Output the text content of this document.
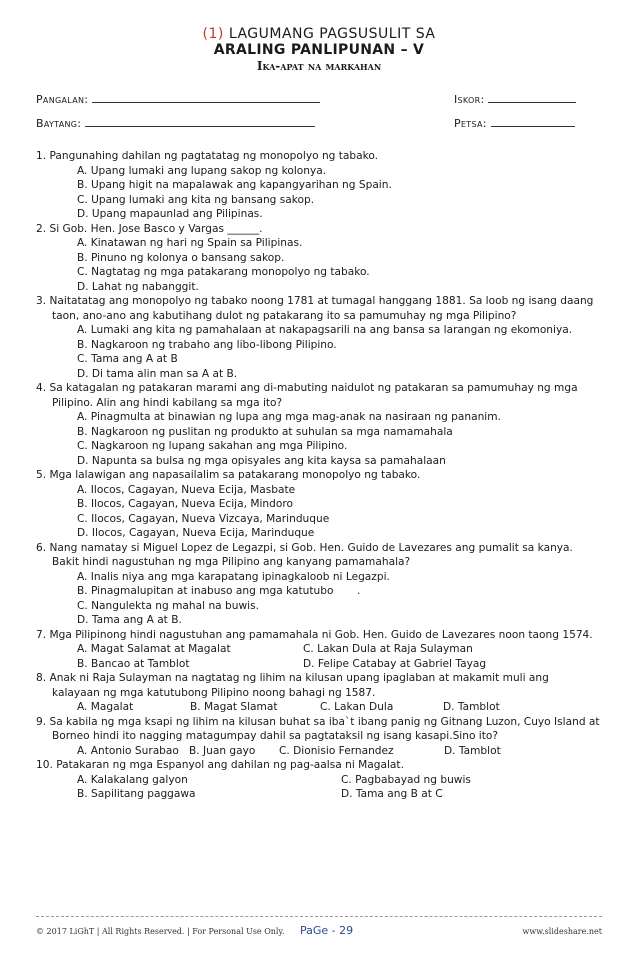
(1) LAGUMANG PAGSUSULIT SA
ARALING PANLIPUNAN – V
Ika-apat na markahan
Pangalan:	Iskor:
Baytang:	Petsa:
1. Pangunahing dahilan ng pagtatatag ng monopolyo ng tabako.
A. Upang lumaki ang lupang sakop ng kolonya.
B. Upang higit na mapalawak ang kapangyarihan ng Spain.
C. Upang lumaki ang kita ng bansang sakop.
D. Upang mapaunlad ang Pilipinas.
2. Si Gob. Hen. Jose Basco y Vargas ______.
A. Kinatawan ng hari ng Spain sa Pilipinas.
B. Pinuno ng kolonya o bansang sakop.
C. Nagtatag ng mga patakarang monopolyo ng tabako.
D. Lahat ng nabanggit.
3. Naitatatag ang monopolyo ng tabako noong 1781 at tumagal hanggang 1881. Sa loob ng isang daang taon, ano-ano ang kabutihang dulot ng patakarang ito sa pamumuhay ng mga Pilipino?
A. Lumaki ang kita ng pamahalaan at nakapagsarili na ang bansa sa larangan ng ekomoniya.
B. Nagkaroon ng trabaho ang libo-libong Pilipino.
C. Tama ang A at B
D. Di tama alin man sa A at B.
4. Sa katagalan ng patakaran marami ang di-mabuting naidulot ng patakaran sa pamumuhay ng mga Pilipino. Alin ang hindi kabilang sa mga ito?
A. Pinagmulta at binawian ng lupa ang mga mag-anak na nasiraan ng pananim.
B. Nagkaroon ng puslitan ng produkto at suhulan sa mga namamahala
C. Nagkaroon ng lupang sakahan ang mga Pilipino.
D. Napunta sa bulsa ng mga opisyales ang kita kaysa sa pamahalaan
5. Mga lalawigan ang napasailalim sa patakarang monopolyo ng tabako.
A. Ilocos, Cagayan, Nueva Ecija, Masbate
B. Ilocos, Cagayan, Nueva Ecija, Mindoro
C. Ilocos, Cagayan, Nueva Vizcaya, Marinduque
D. Ilocos, Cagayan, Nueva Ecija, Marinduque
6. Nang namatay si Miguel Lopez de Legazpi, si Gob. Hen. Guido de Lavezares ang pumalit sa kanya. Bakit hindi nagustuhan ng mga Pilipino ang kanyang pamamahala?
A. Inalis niya ang mga karapatang ipinagkaloob ni Legazpi.
B. Pinagmalupitan at inabuso ang mga katutubo       .
C. Nangulekta ng mahal na buwis.
D. Tama ang A at B.
7. Mga Pilipinong hindi nagustuhan ang pamamahala ni Gob. Hen. Guido de Lavezares noon taong 1574.
A. Magat Salamat at Magalat	C. Lakan Dula at Raja Sulayman
B. Bancao at Tamblot	D. Felipe Catabay at Gabriel Tayag
8. Anak ni Raja Sulayman na nagtatag ng lihim na kilusan upang ipaglaban at makamit muli ang kalayaan ng mga katutubong Pilipino noong bahagi ng 1587.
A. Magalat	B. Magat Slamat	C. Lakan Dula	D. Tamblot
9. Sa kabila ng mga ksapi ng lihim na kilusan buhat sa iba`t ibang panig ng Gitnang Luzon, Cuyo Island at Borneo hindi ito nagging matagumpay dahil sa pagtataksil ng isang kasapi.Sino ito?
A. Antonio Surabao B. Juan gayo	C. Dionisio Fernandez	D. Tamblot
10. Patakaran ng mga Espanyol ang dahilan ng pag-aalsa ni Magalat.
A. Kalakalang galyon	C. Pagbabayad ng buwis
B. Sapilitang paggawa	D. Tama ang B at C
© 2017 LiGhT | All Rights Reserved. | For Personal Use Only. PaGe - 29	www.slideshare.net
